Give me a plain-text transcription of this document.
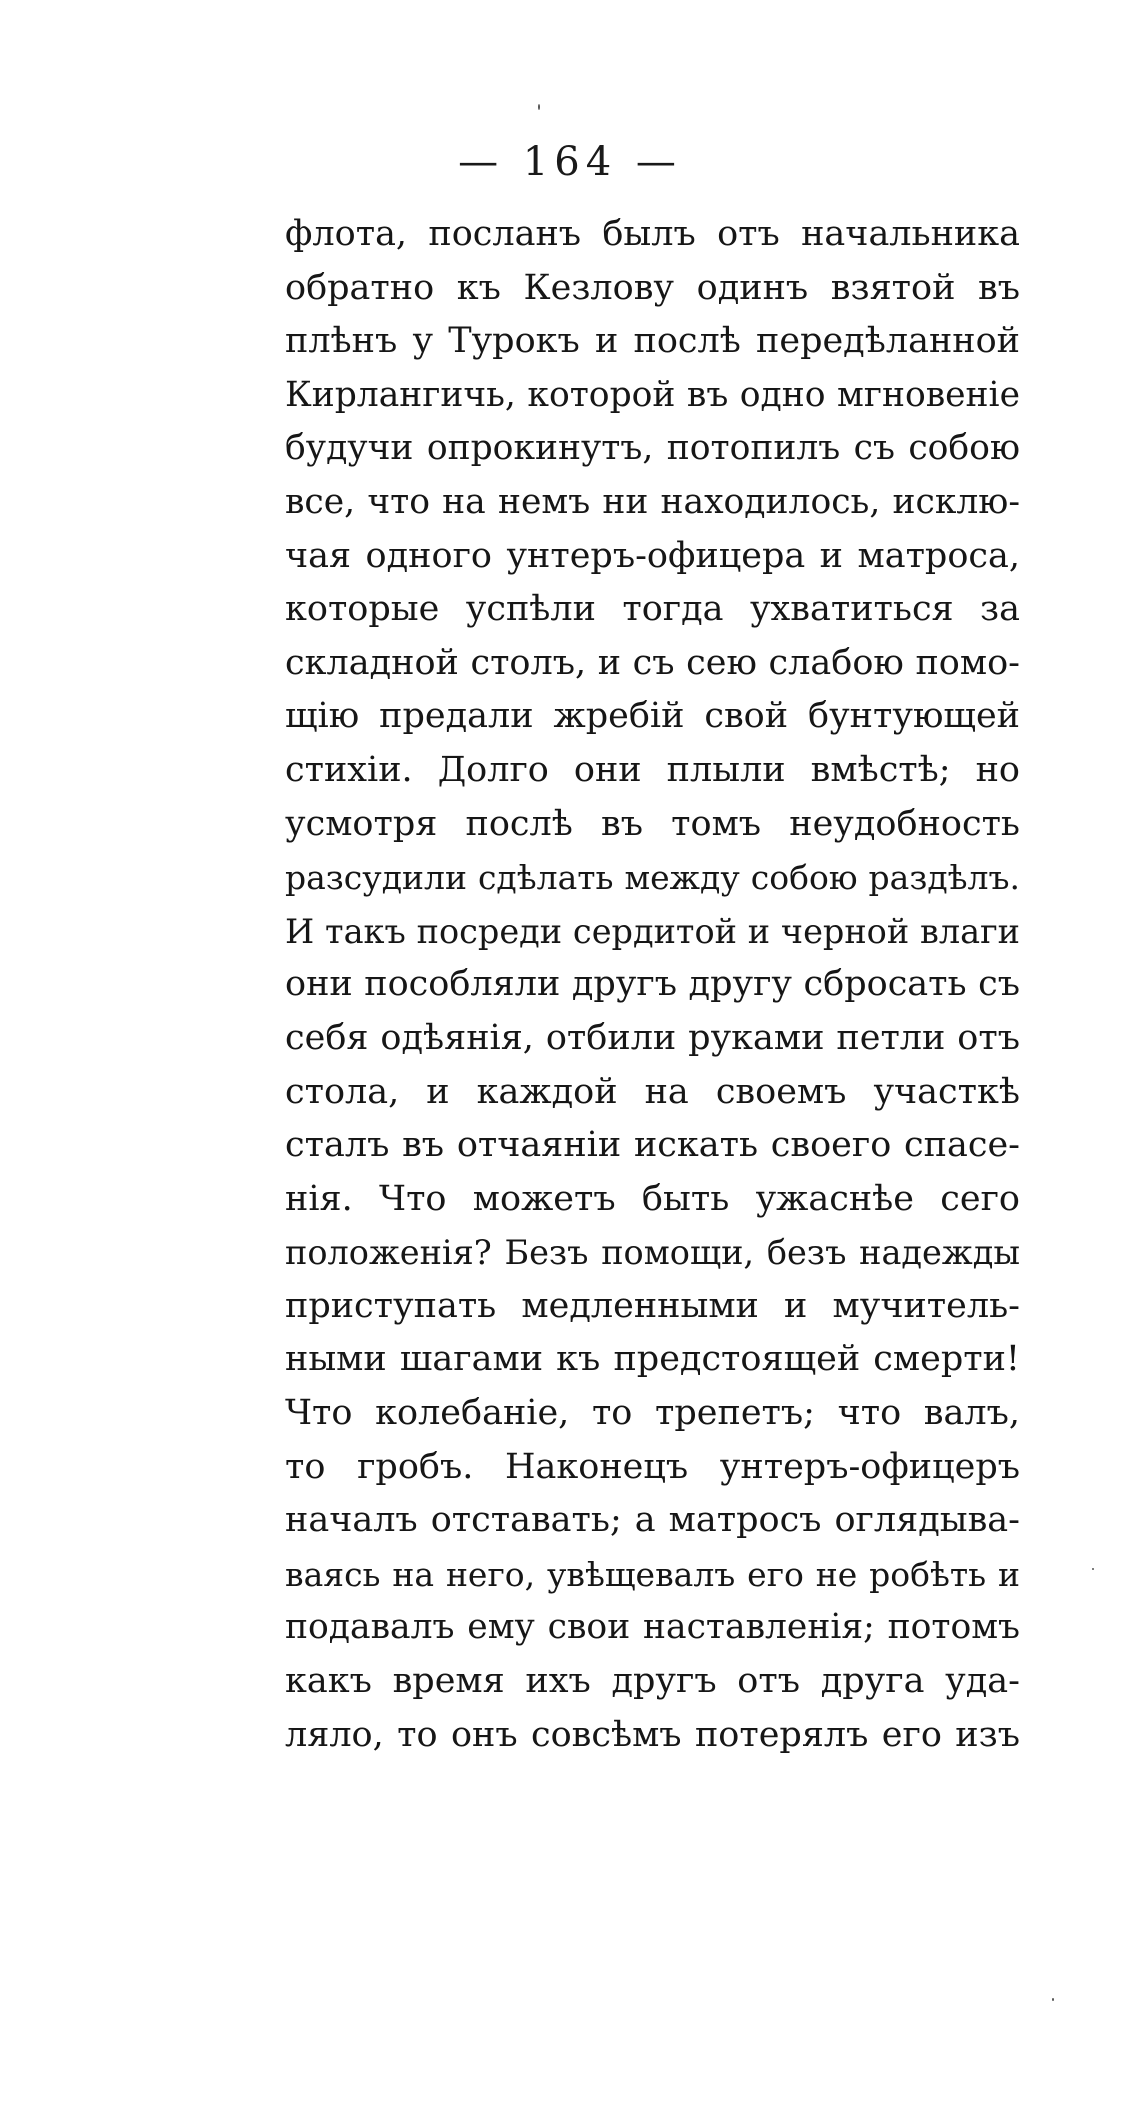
— 164 —
флота, посланъ былъ отъ начальника
обратно къ Кезлову одинъ взятой въ
плѣнъ у Турокъ и послѣ передѣланной
Кирлангичь, которой въ одно мгновеніе
будучи опрокинутъ, потопилъ съ собою
все, что на немъ ни находилось, исклю-
чая одного унтеръ-офицера и матроса,
которые успѣли тогда ухватиться за
складной столъ, и съ сею слабою помо-
щію предали жребій свой бунтующей
стихіи. Долго они плыли вмѣстѣ; но
усмотря послѣ въ томъ неудобность
разсудили сдѣлать между собою раздѣлъ.
И такъ посреди сердитой и черной влаги
они пособляли другъ другу сбросать съ
себя одѣянія, отбили руками петли отъ
стола, и каждой на своемъ участкѣ
сталъ въ отчаяніи искать своего спасе-
нія. Что можетъ быть ужаснѣе сего
положенія? Безъ помощи, безъ надежды
приступать медленными и мучитель-
ными шагами къ предстоящей смерти!
Что колебаніе, то трепетъ; что валъ,
то гробъ. Наконецъ унтеръ-офицеръ
началъ отставать; а матросъ оглядыва-
ваясь на него, увѣщевалъ его не робѣть и
подавалъ ему свои наставленія; потомъ
какъ время ихъ другъ отъ друга уда-
ляло, то онъ совсѣмъ потерялъ его изъ
